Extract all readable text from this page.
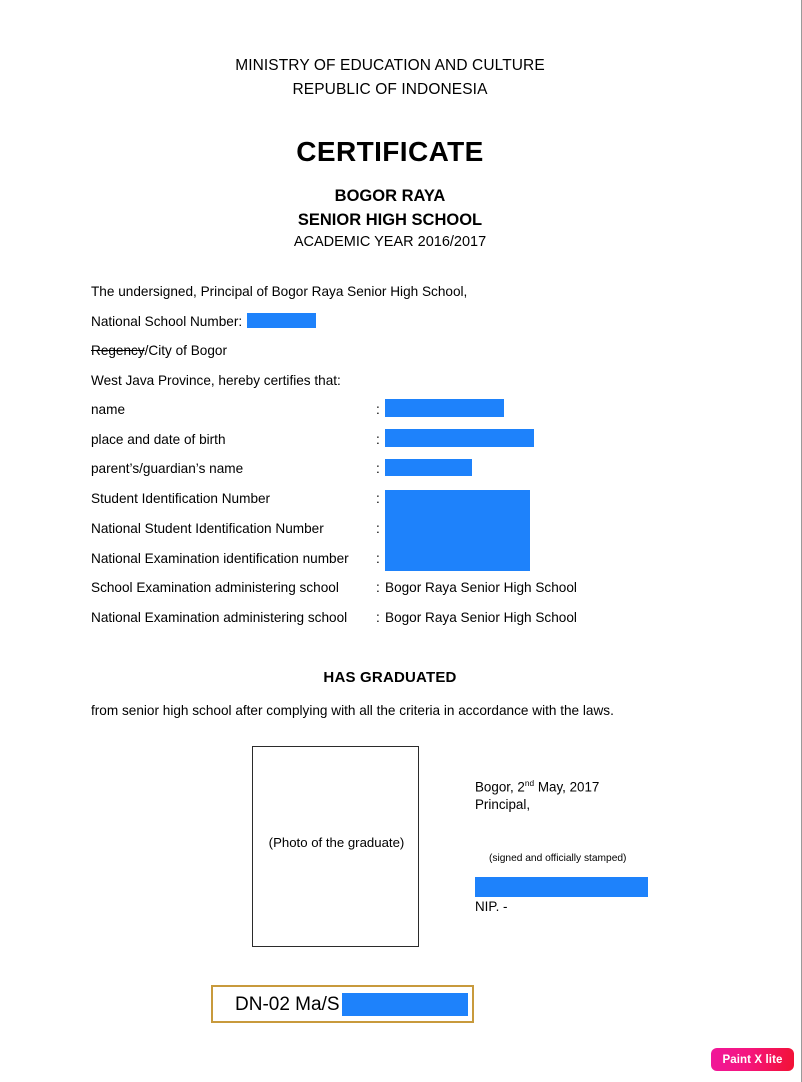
MINISTRY OF EDUCATION AND CULTURE
REPUBLIC OF INDONESIA
CERTIFICATE
BOGOR RAYA
SENIOR HIGH SCHOOL
ACADEMIC YEAR 2016/2017
The undersigned, Principal of Bogor Raya Senior High School,
National School Number:
Regency/City of Bogor
West Java Province, hereby certifies that:
name	:
place and date of birth	:
parent’s/guardian’s name	:
Student Identification Number	:
National Student Identification Number	:
National Examination identification number :
School Examination administering school	: Bogor Raya Senior High School
National Examination administering school : Bogor Raya Senior High School
HAS GRADUATED
from senior high school after complying with all the criteria in accordance with the laws.
(Photo of the graduate)
Bogor, 2nd May, 2017
Principal,
(signed and officially stamped)
NIP. -
DN-02 Ma/S
Paint X lite
